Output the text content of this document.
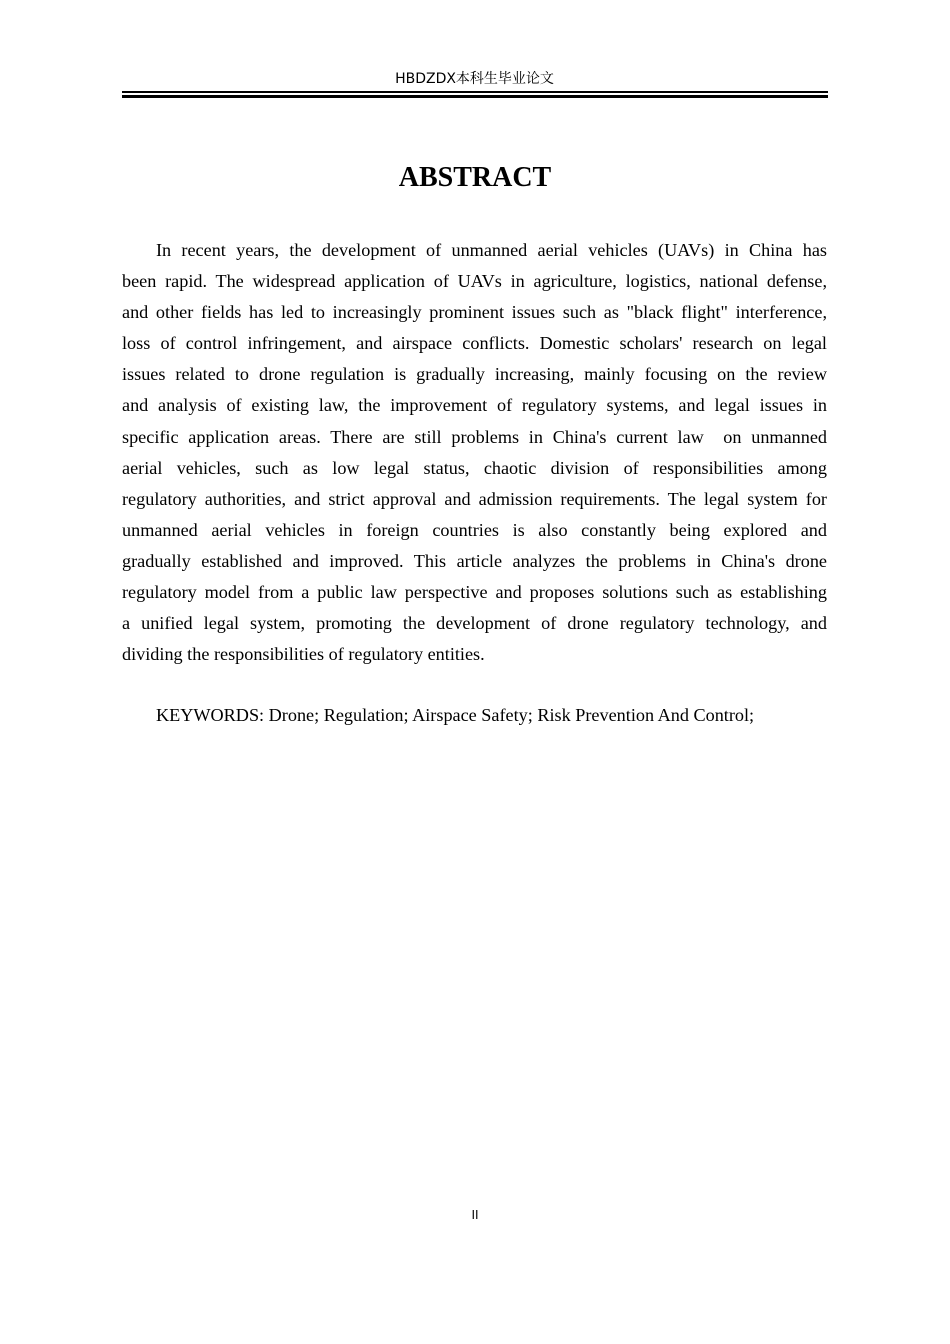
HBDZDX本科生毕业论文
ABSTRACT
In recent years, the development of unmanned aerial vehicles (UAVs) in China has
been rapid. The widespread application of UAVs in agriculture, logistics, national defense,
and other fields has led to increasingly prominent issues such as "black flight" interference,
loss of control infringement, and airspace conflicts. Domestic scholars' research on legal
issues related to drone regulation is gradually increasing, mainly focusing on the review
and analysis of existing law, the improvement of regulatory systems, and legal issues in
specific application areas. There are still problems in China's current law  on unmanned
aerial vehicles, such as low legal status, chaotic division of responsibilities among
regulatory authorities, and strict approval and admission requirements. The legal system for
unmanned aerial vehicles in foreign countries is also constantly being explored and
gradually established and improved. This article analyzes the problems in China's drone
regulatory model from a public law perspective and proposes solutions such as establishing
a unified legal system, promoting the development of drone regulatory technology, and
dividing the responsibilities of regulatory entities.
KEYWORDS: Drone; Regulation; Airspace Safety; Risk Prevention And Control;
II
